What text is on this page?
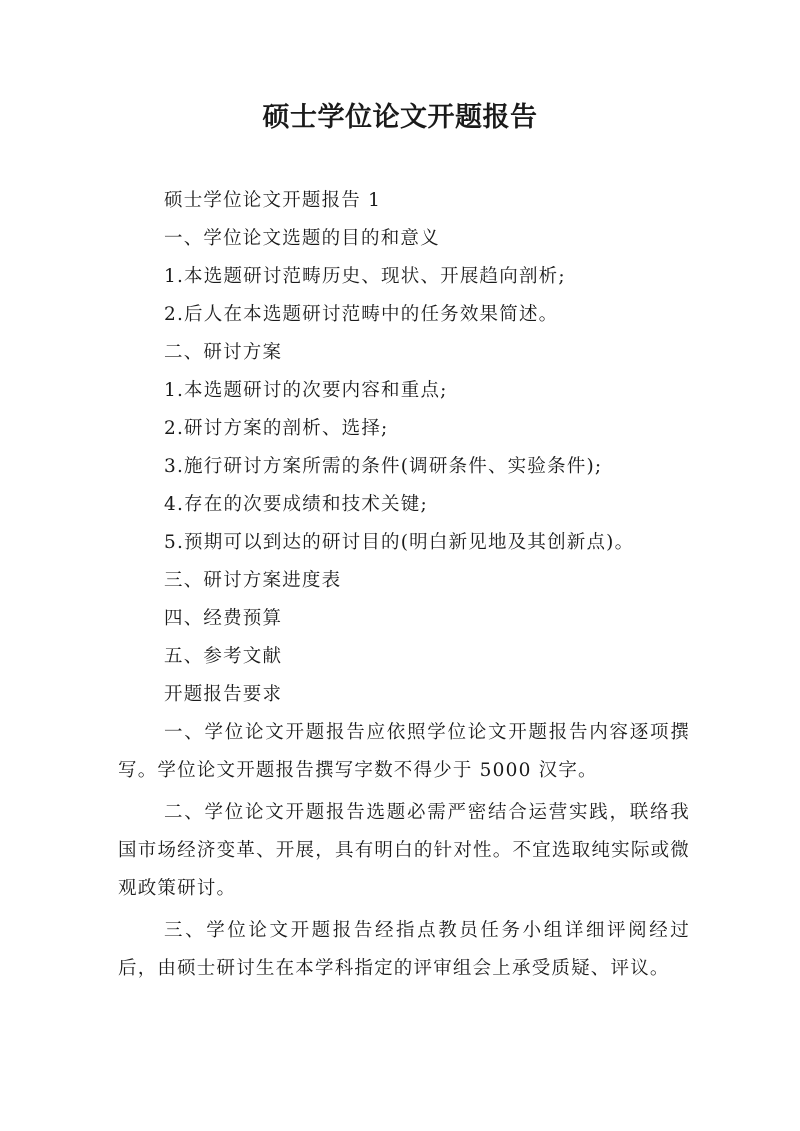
硕士学位论文开题报告

硕士学位论文开题报告 1

一、学位论文选题的目的和意义

1.本选题研讨范畴历史、现状、开展趋向剖析;

2.后人在本选题研讨范畴中的任务效果简述。

二、研讨方案

1.本选题研讨的次要内容和重点;

2.研讨方案的剖析、选择;

3.施行研讨方案所需的条件(调研条件、实验条件);

4.存在的次要成绩和技术关键;

5.预期可以到达的研讨目的(明白新见地及其创新点)。

三、研讨方案进度表

四、经费预算

五、参考文献

开题报告要求

一、学位论文开题报告应依照学位论文开题报告内容逐项撰写。学位论文开题报告撰写字数不得少于 5000 汉字。

二、学位论文开题报告选题必需严密结合运营实践，联络我国市场经济变革、开展，具有明白的针对性。不宜选取纯实际或微观政策研讨。

三、学位论文开题报告经指点教员任务小组详细评阅经过后，由硕士研讨生在本学科指定的评审组会上承受质疑、评议。
